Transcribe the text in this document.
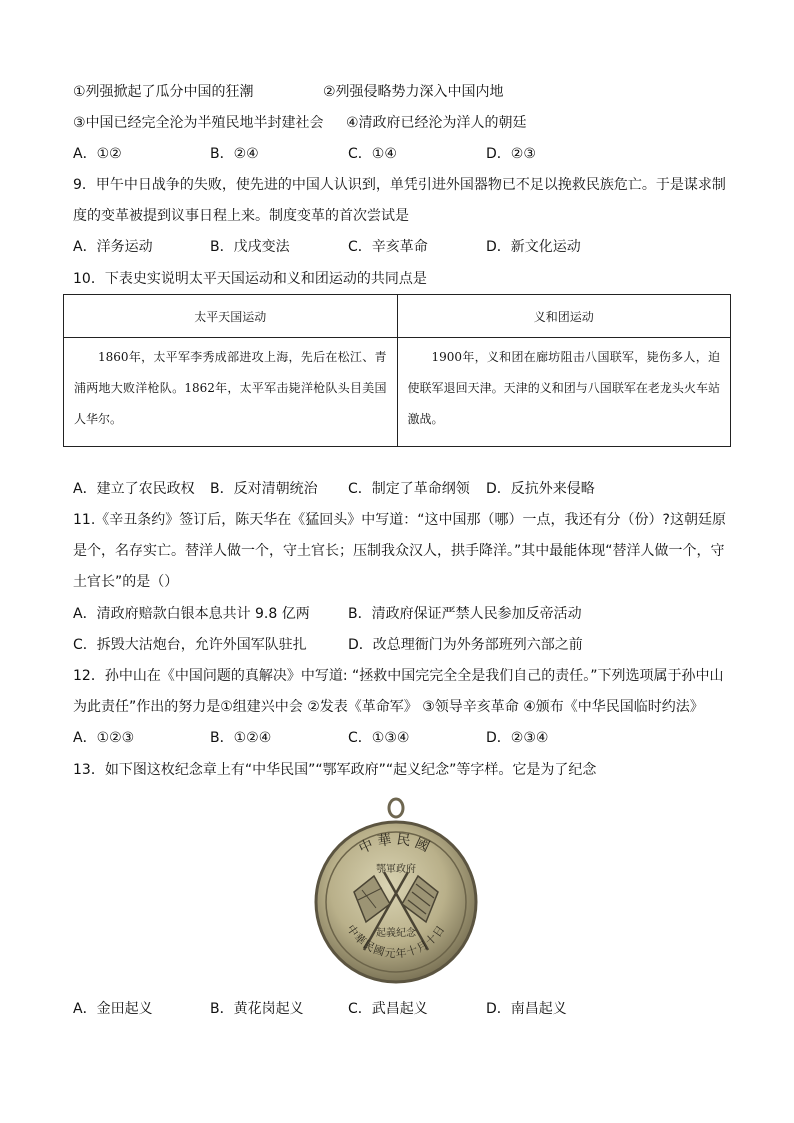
①列强掀起了瓜分中国的狂潮	②列强侵略势力深入中国内地
③中国已经完全沦为半殖民地半封建社会 ④清政府已经沦为洋人的朝廷
A．①②	B．②④	C．①④	D．②③
9．甲午中日战争的失败，使先进的中国人认识到，单凭引进外国器物已不足以挽救民族危亡。于是谋求制
度的变革被提到议事日程上来。制度变革的首次尝试是
A．洋务运动	B．戊戌变法	C．辛亥革命	D．新文化运动
10．下表史实说明太平天国运动和义和团运动的共同点是
太平天国运动	义和团运动
1860年，太平军李秀成部进攻上海，先后在松江、青浦两地大败洋枪队。1862年，太平军击毙洋枪队头目美国人华尔。	1900年，义和团在廊坊阻击八国联军，毙伤多人，迫使联军退回天津。天津的义和团与八国联军在老龙头火车站激战。
A．建立了农民政权 B．反对清朝统治 C．制定了革命纲领 D．反抗外来侵略
11.《辛丑条约》签订后，陈天华在《猛回头》中写道：“这中国那（哪）一点，我还有分（份）?这朝廷原
是个，名存实亡。替洋人做一个，守土官长；压制我众汉人，拱手降洋。”其中最能体现“替洋人做一个，守
土官长”的是（）
A．清政府赔款白银本息共计 9.8 亿两	B．清政府保证严禁人民参加反帝活动
C．拆毁大沽炮台，允许外国军队驻扎	D．改总理衙门为外务部班列六部之前
12．孙中山在《中国问题的真解决》中写道: “拯救中国完完全全是我们自己的责任。”下列选项属于孙中山
为此责任”作出的努力是①组建兴中会 ②发表《革命军》 ③领导辛亥革命 ④颁布《中华民国临时约法》
A．①②③	B．①②④	C．①③④	D．②③④
13．如下图这枚纪念章上有“中华民国”“鄂军政府”“起义纪念”等字样。它是为了纪念
中華民國
中華民國元年十月十日
鄂軍政府
起義紀念
A．金田起义	B．黄花岗起义	C．武昌起义	D．南昌起义
